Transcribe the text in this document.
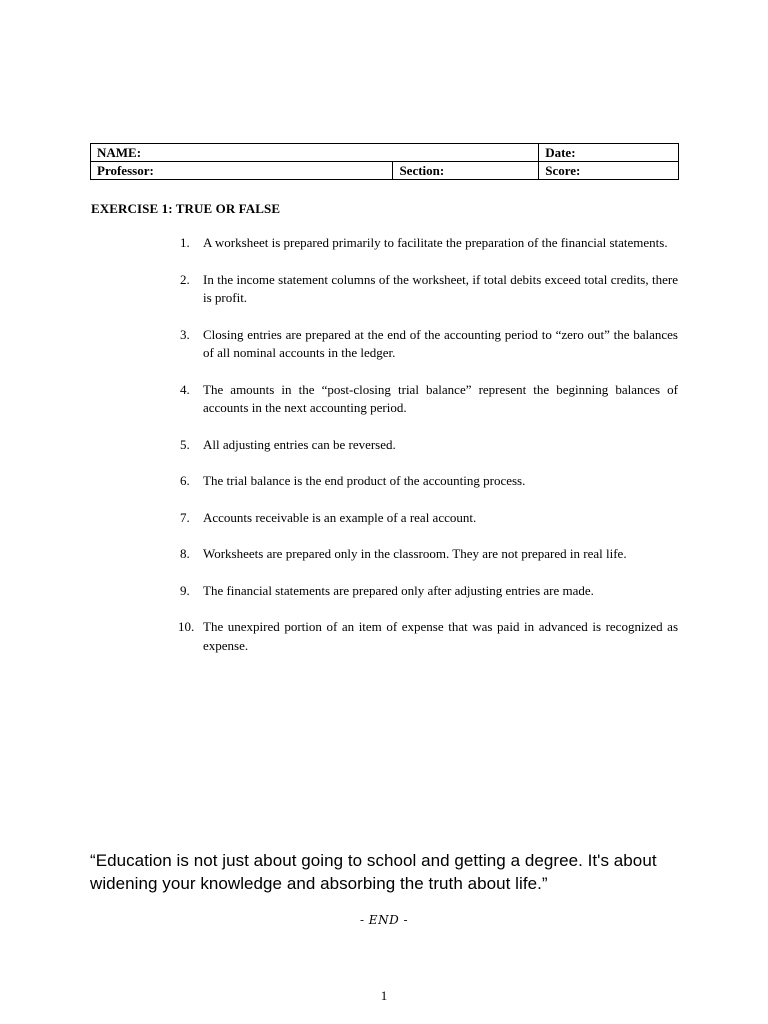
NAME:		Date:
Professor:	Section:	Score:
EXERCISE 1: TRUE OR FALSE
1. A worksheet is prepared primarily to facilitate the preparation of the financial statements.
2. In the income statement columns of the worksheet, if total debits exceed total credits, there is profit.
3. Closing entries are prepared at the end of the accounting period to “zero out” the balances of all nominal accounts in the ledger.
4. The amounts in the “post-closing trial balance” represent the beginning balances of accounts in the next accounting period.
5. All adjusting entries can be reversed.
6. The trial balance is the end product of the accounting process.
7. Accounts receivable is an example of a real account.
8. Worksheets are prepared only in the classroom. They are not prepared in real life.
9. The financial statements are prepared only after adjusting entries are made.
10. The unexpired portion of an item of expense that was paid in advanced is recognized as expense.
“Education is not just about going to school and getting a degree. It's about widening your knowledge and absorbing the truth about life.”
- END -
1
